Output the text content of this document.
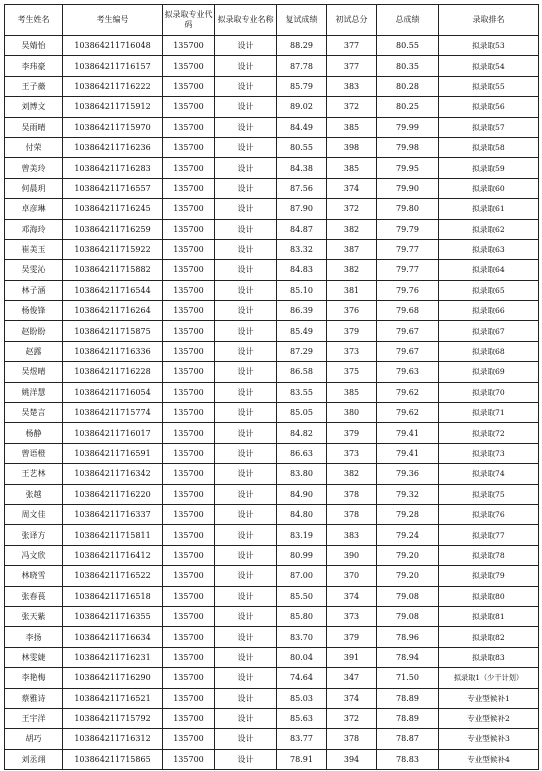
考生姓名	考生编号	拟录取专业代码	拟录取专业名称	复试成绩	初试总分	总成绩	录取排名
吴婧怡	103864211716048	135700	设计	88.29	377	80.55	拟录取53
李玮豪	103864211716157	135700	设计	87.78	377	80.35	拟录取54
王子薇	103864211716222	135700	设计	85.79	383	80.28	拟录取55
刘博文	103864211715912	135700	设计	89.02	372	80.25	拟录取56
吴雨晴	103864211715970	135700	设计	84.49	385	79.99	拟录取57
付荣	103864211716236	135700	设计	80.55	398	79.98	拟录取58
曾美玲	103864211716283	135700	设计	84.38	385	79.95	拟录取59
何晨玥	103864211716557	135700	设计	87.56	374	79.90	拟录取60
卓彦琳	103864211716245	135700	设计	87.90	372	79.80	拟录取61
邓海玲	103864211716259	135700	设计	84.87	382	79.79	拟录取62
崔美玉	103864211715922	135700	设计	83.32	387	79.77	拟录取63
吴雯沁	103864211715882	135700	设计	84.83	382	79.77	拟录取64
林子涵	103864211716544	135700	设计	85.10	381	79.76	拟录取65
杨俊锋	103864211716264	135700	设计	86.39	376	79.68	拟录取66
赵盼盼	103864211715875	135700	设计	85.49	379	79.67	拟录取67
赵露	103864211716336	135700	设计	87.29	373	79.67	拟录取68
吴煜晴	103864211716228	135700	设计	86.58	375	79.63	拟录取69
姚洋慧	103864211716054	135700	设计	83.55	385	79.62	拟录取70
吴楚言	103864211715774	135700	设计	85.05	380	79.62	拟录取71
杨静	103864211716017	135700	设计	84.82	379	79.41	拟录取72
曾语橙	103864211716591	135700	设计	86.63	373	79.41	拟录取73
王艺林	103864211716342	135700	设计	83.80	382	79.36	拟录取74
张越	103864211716220	135700	设计	84.90	378	79.32	拟录取75
周文佳	103864211716337	135700	设计	84.80	378	79.28	拟录取76
张译方	103864211715811	135700	设计	83.19	383	79.24	拟录取77
冯文欣	103864211716412	135700	设计	80.99	390	79.20	拟录取78
林晓雪	103864211716522	135700	设计	87.00	370	79.20	拟录取79
张春萇	103864211716518	135700	设计	85.50	374	79.08	拟录取80
张天紫	103864211716355	135700	设计	85.80	373	79.08	拟录取81
李扬	103864211716634	135700	设计	83.70	379	78.96	拟录取82
林雯婕	103864211716231	135700	设计	80.04	391	78.94	拟录取83
李艳梅	103864211716290	135700	设计	74.64	347	71.50	拟录取1（少干计划）
蔡雅诗	103864211716521	135700	设计	85.03	374	78.89	专业型候补1
王宇洋	103864211715792	135700	设计	85.63	372	78.89	专业型候补2
胡巧	103864211716312	135700	设计	83.77	378	78.87	专业型候补3
刘丞翊	103864211715865	135700	设计	78.91	394	78.83	专业型候补4
